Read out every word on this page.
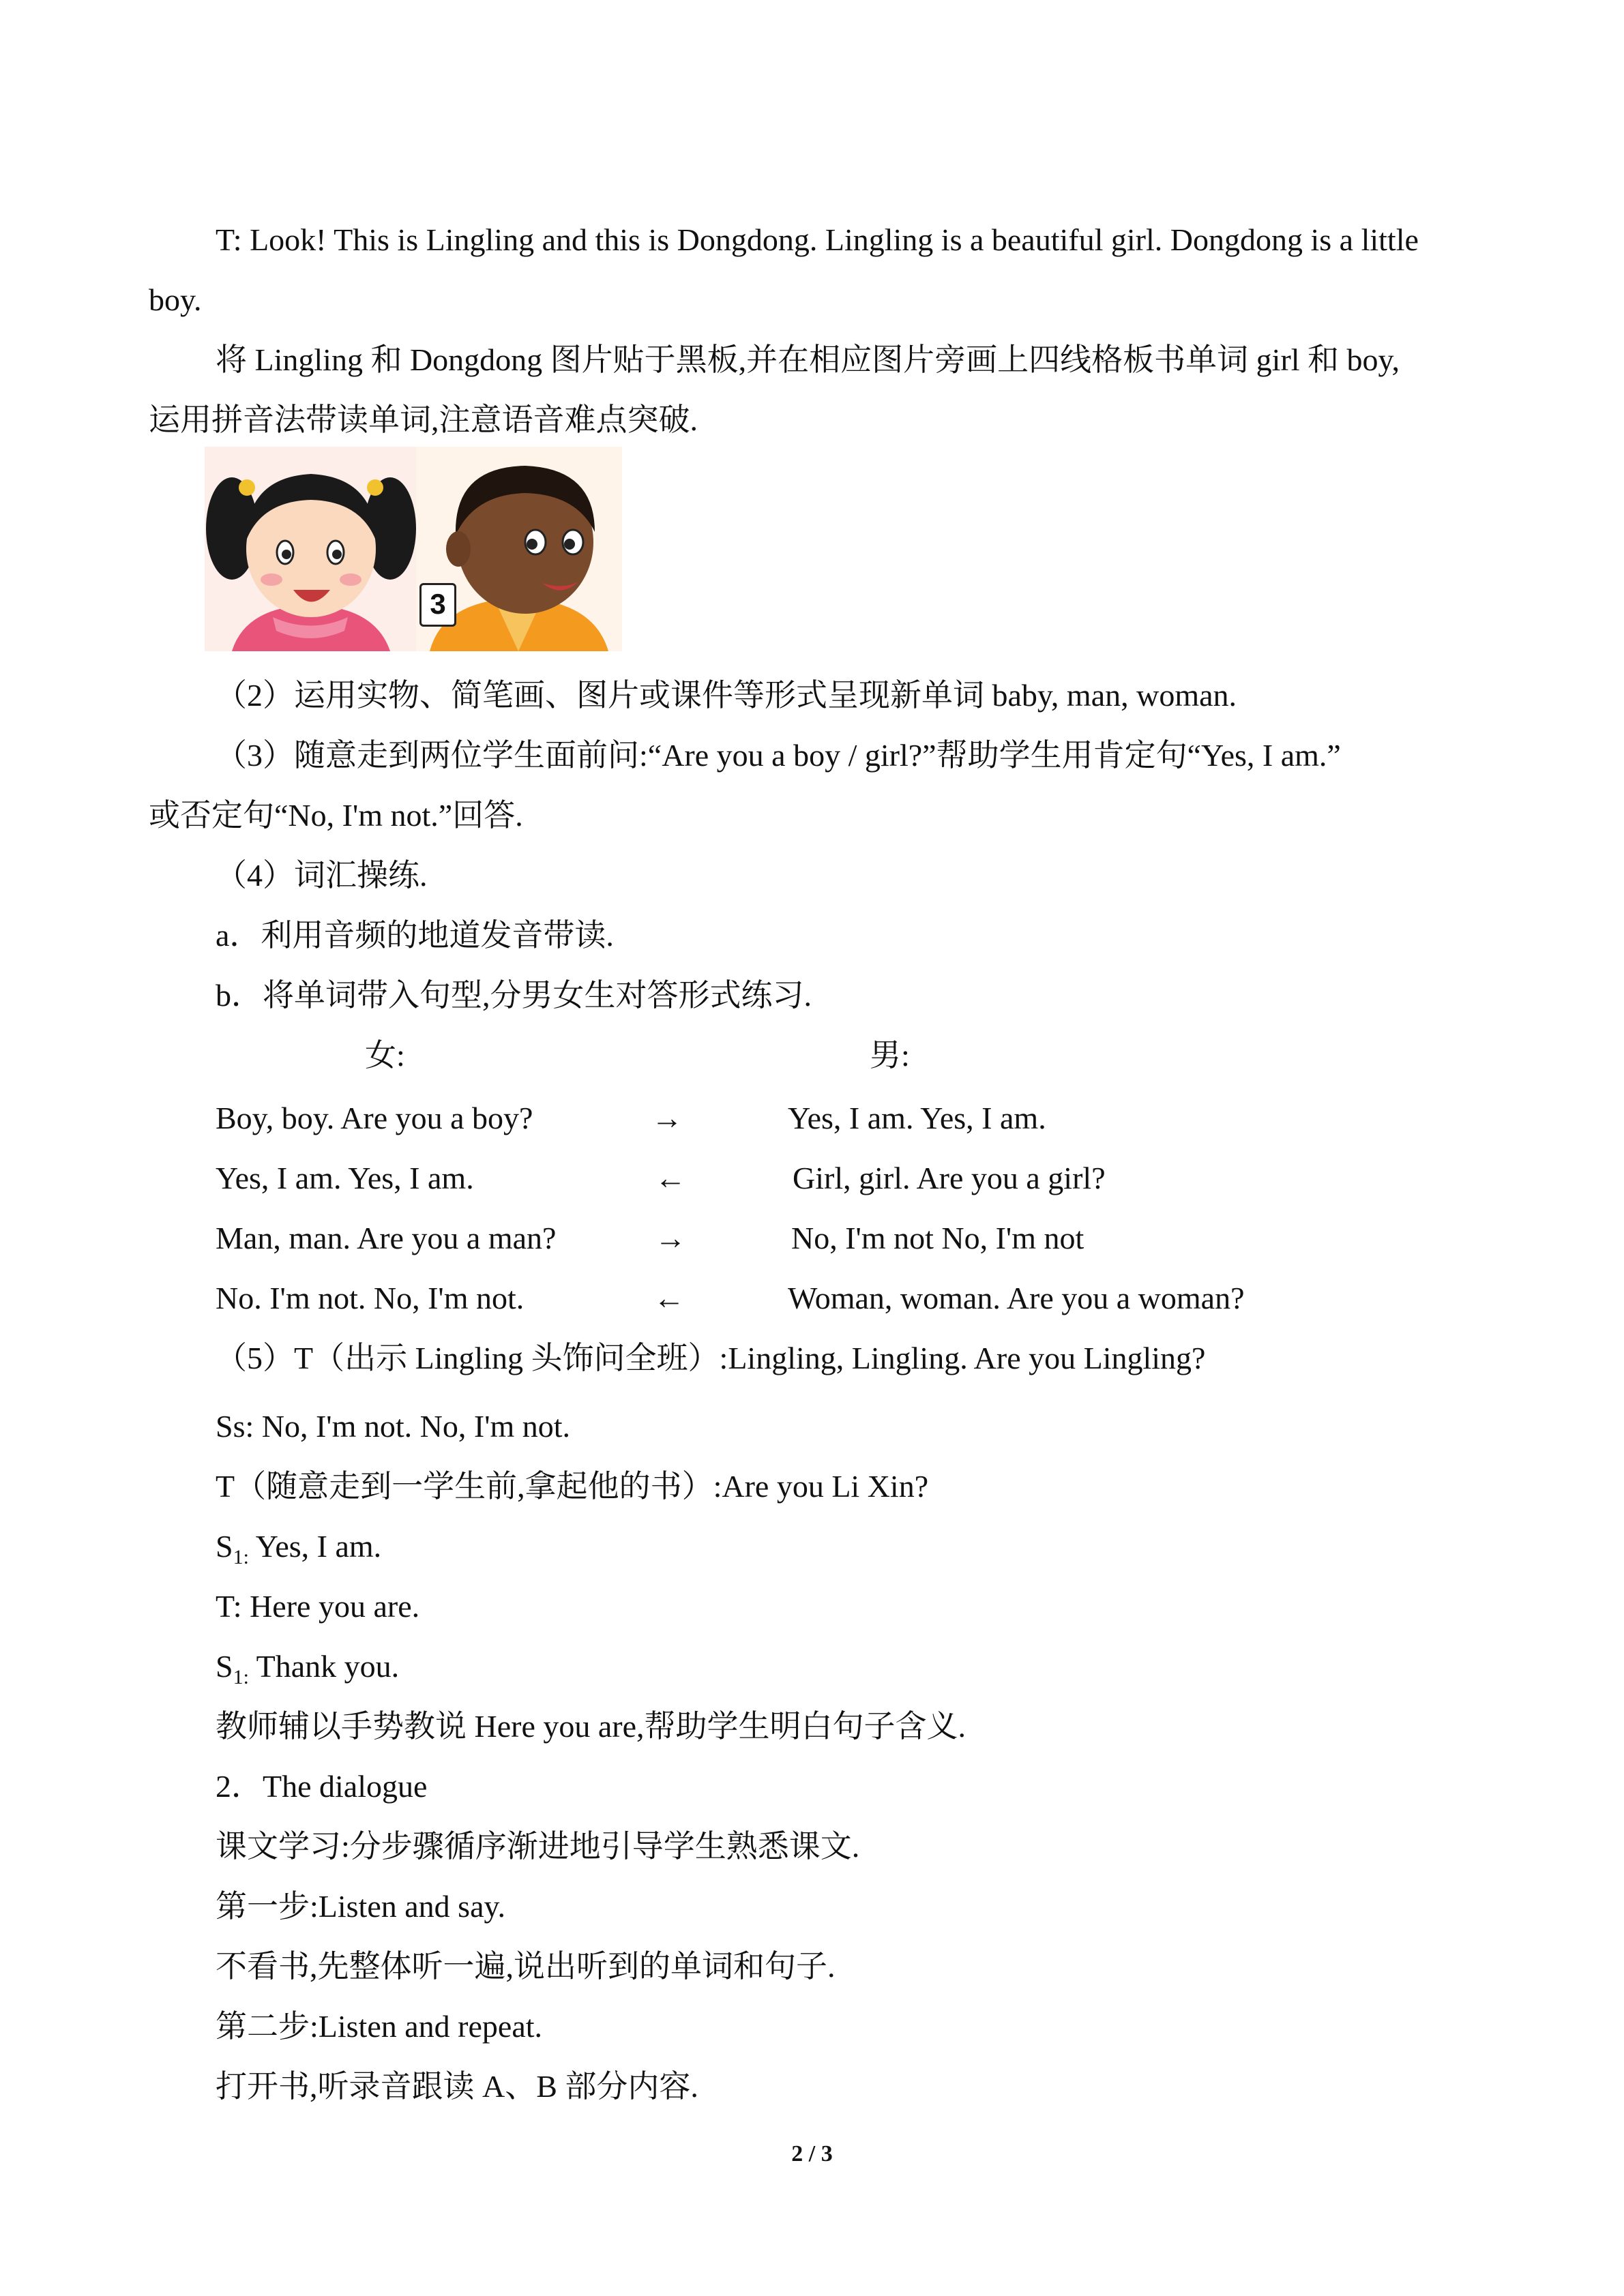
T: Look! This is Lingling and this is Dongdong. Lingling is a beautiful girl. Dongdong is a little
boy.
将 Lingling 和 Dongdong 图片贴于黑板,并在相应图片旁画上四线格板书单词 girl 和 boy,
运用拼音法带读单词,注意语音难点突破.
3
（2）运用实物、简笔画、图片或课件等形式呈现新单词 baby, man, woman.
（3）随意走到两位学生面前问:“Are you a boy / girl?”帮助学生用肯定句“Yes, I am.”
或否定句“No, I'm not.”回答.
（4）词汇操练.
a．利用音频的地道发音带读.
b．将单词带入句型,分男女生对答形式练习.
女:	男:
Boy, boy. Are you a boy?	→	Yes, I am. Yes, I am.
Yes, I am. Yes, I am.	←	Girl, girl. Are you a girl?
Man, man. Are you a man?	→	No, I'm not No, I'm not
No. I'm not. No, I'm not.	←	Woman, woman. Are you a woman?
（5）T（出示 Lingling 头饰问全班）:Lingling, Lingling. Are you Lingling?
Ss: No, I'm not. No, I'm not.
T（随意走到一学生前,拿起他的书）:Are you Li Xin?
$S_{1:}$ Yes, I am.
T: Here you are.
$S_{1:}$ Thank you.
教师辅以手势教说 Here you are,帮助学生明白句子含义.
2．The dialogue
课文学习:分步骤循序渐进地引导学生熟悉课文.
第一步:Listen and say.
不看书,先整体听一遍,说出听到的单词和句子.
第二步:Listen and repeat.
打开书,听录音跟读 A、B 部分内容.
2 / 3
